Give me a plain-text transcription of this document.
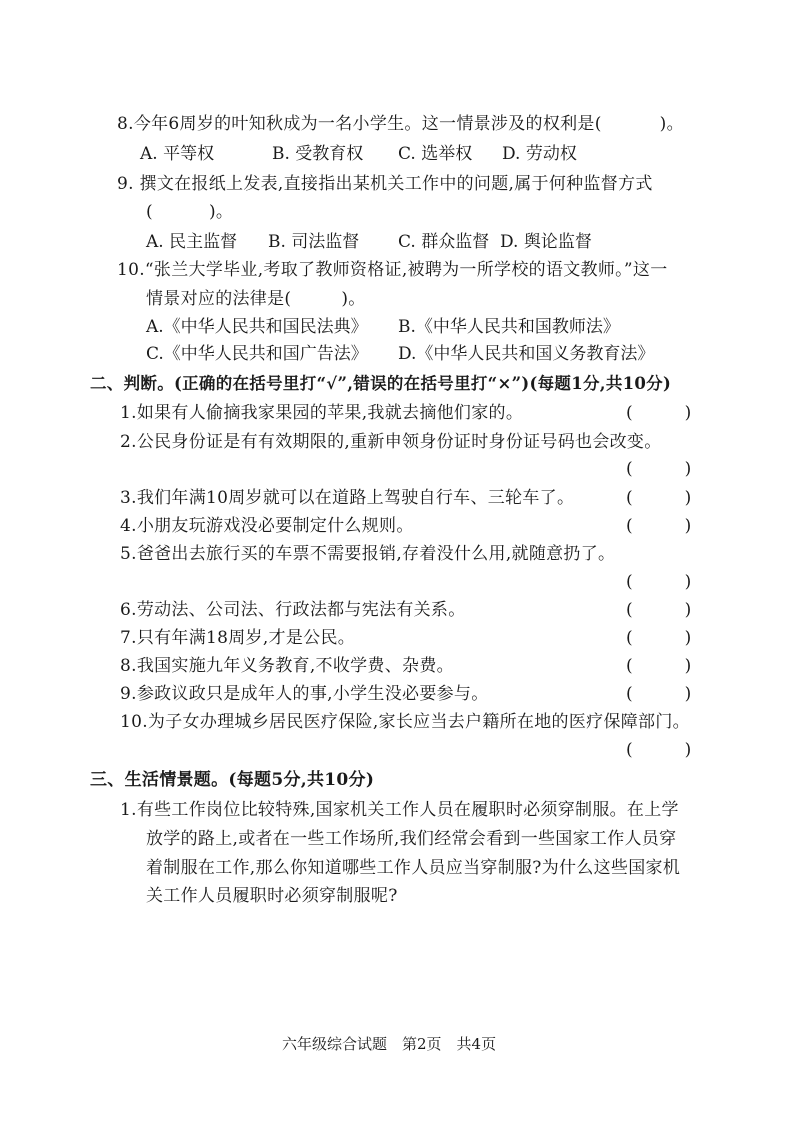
8.今年6周岁的叶知秋成为一名小学生。这一情景涉及的权利是(	)。
A. 平等权	B. 受教育权 C. 选举权 D. 劳动权
9. 撰文在报纸上发表,直接指出某机关工作中的问题,属于何种监督方式
(	)。
A. 民主监督 B. 司法监督 C. 群众监督 D. 舆论监督
10.“张兰大学毕业,考取了教师资格证,被聘为一所学校的语文教师。”这一
情景对应的法律是(	)。
A.《中华人民共和国民法典》 B.《中华人民共和国教师法》
C.《中华人民共和国广告法》 D.《中华人民共和国义务教育法》
二、判断。(正确的在括号里打“√”,错误的在括号里打“×”)(每题1分,共10分)
1.如果有人偷摘我家果园的苹果,我就去摘他们家的。	(	)
2.公民身份证是有有效期限的,重新申领身份证时身份证号码也会改变。
(	)
3.我们年满10周岁就可以在道路上驾驶自行车、三轮车了。	(	)
4.小朋友玩游戏没必要制定什么规则。	(	)
5.爸爸出去旅行买的车票不需要报销,存着没什么用,就随意扔了。
(	)
6.劳动法、公司法、行政法都与宪法有关系。	(	)
7.只有年满18周岁,才是公民。	(	)
8.我国实施九年义务教育,不收学费、杂费。	(	)
9.参政议政只是成年人的事,小学生没必要参与。	(	)
10.为子女办理城乡居民医疗保险,家长应当去户籍所在地的医疗保障部门。
(	)
三、生活情景题。(每题5分,共10分)
1.有些工作岗位比较特殊,国家机关工作人员在履职时必须穿制服。在上学
放学的路上,或者在一些工作场所,我们经常会看到一些国家工作人员穿
着制服在工作,那么你知道哪些工作人员应当穿制服?为什么这些国家机
关工作人员履职时必须穿制服呢?
六年级综合试题　第2页　共4页
